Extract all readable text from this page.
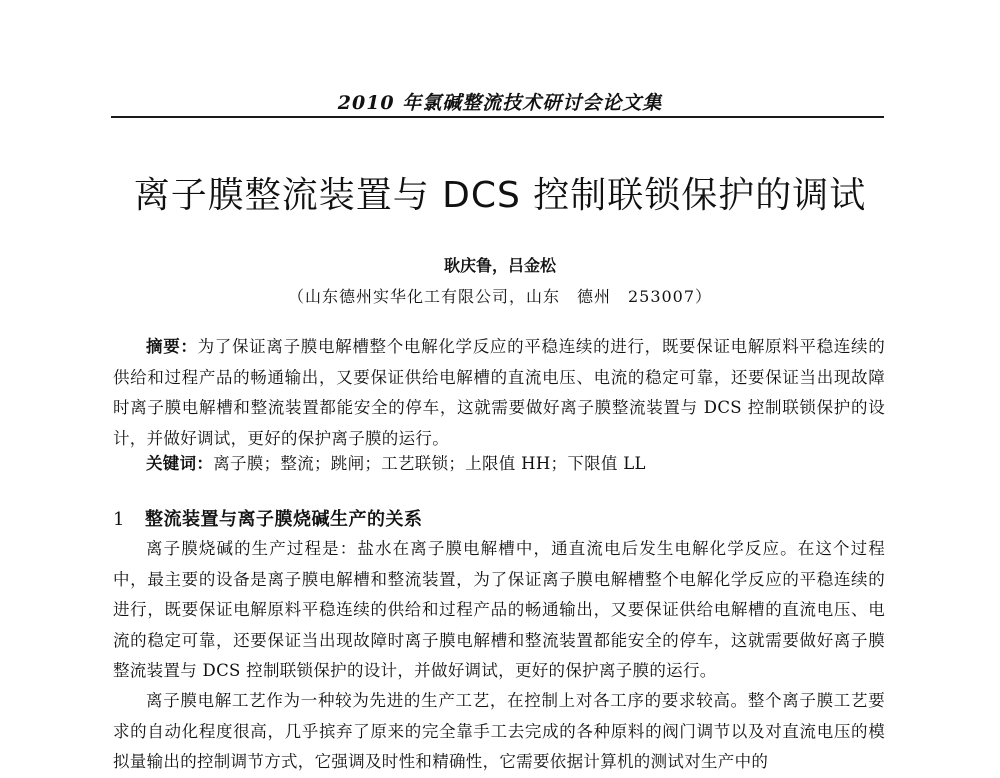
2010 年氯碱整流技术研讨会论文集
离子膜整流装置与 DCS 控制联锁保护的调试
耿庆鲁，吕金松
（山东德州实华化工有限公司，山东　德州　253007）
摘要：为了保证离子膜电解槽整个电解化学反应的平稳连续的进行，既要保证电解原料平稳连续的供给和过程产品的畅通输出，又要保证供给电解槽的直流电压、电流的稳定可靠，还要保证当出现故障时离子膜电解槽和整流装置都能安全的停车，这就需要做好离子膜整流装置与 DCS 控制联锁保护的设计，并做好调试，更好的保护离子膜的运行。
关键词：离子膜；整流；跳闸；工艺联锁；上限值 HH；下限值 LL
1 整流装置与离子膜烧碱生产的关系
离子膜烧碱的生产过程是：盐水在离子膜电解槽中，通直流电后发生电解化学反应。在这个过程中，最主要的设备是离子膜电解槽和整流装置，为了保证离子膜电解槽整个电解化学反应的平稳连续的进行，既要保证电解原料平稳连续的供给和过程产品的畅通输出，又要保证供给电解槽的直流电压、电流的稳定可靠，还要保证当出现故障时离子膜电解槽和整流装置都能安全的停车，这就需要做好离子膜整流装置与 DCS 控制联锁保护的设计，并做好调试，更好的保护离子膜的运行。
离子膜电解工艺作为一种较为先进的生产工艺，在控制上对各工序的要求较高。整个离子膜工艺要求的自动化程度很高，几乎摈弃了原来的完全靠手工去完成的各种原料的阀门调节以及对直流电压的模拟量输出的控制调节方式，它强调及时性和精确性，它需要依据计算机的测试对生产中的
